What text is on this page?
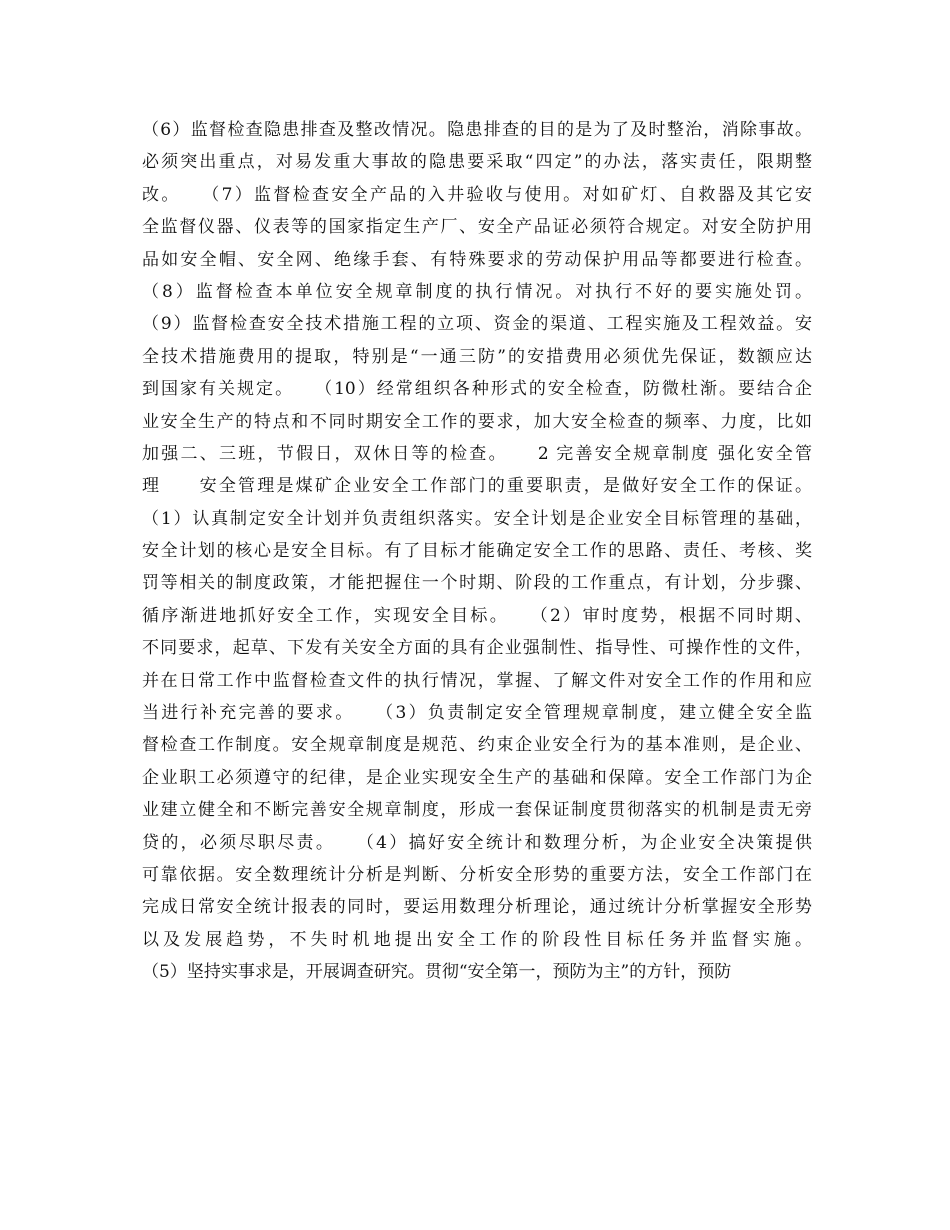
（6）监督检查隐患排查及整改情况。隐患排查的目的是为了及时整治，消除事故。
必须突出重点，对易发重大事故的隐患要采取“四定”的办法，落实责任，限期整
改。　　（7）监督检查安全产品的入井验收与使用。对如矿灯、自救器及其它安
全监督仪器、仪表等的国家指定生产厂、安全产品证必须符合规定。对安全防护用
品如安全帽、安全网、绝缘手套、有特殊要求的劳动保护用品等都要进行检查。
（8）监督检查本单位安全规章制度的执行情况。对执行不好的要实施处罚。
（9）监督检查安全技术措施工程的立项、资金的渠道、工程实施及工程效益。安
全技术措施费用的提取，特别是“一通三防”的安措费用必须优先保证，数额应达
到国家有关规定。　　（10）经常组织各种形式的安全检查，防微杜渐。要结合企
业安全生产的特点和不同时期安全工作的要求，加大安全检查的频率、力度，比如
加强二、三班，节假日，双休日等的检查。　　2 完善安全规章制度 强化安全管
理　　安全管理是煤矿企业安全工作部门的重要职责，是做好安全工作的保证。
（1）认真制定安全计划并负责组织落实。安全计划是企业安全目标管理的基础，
安全计划的核心是安全目标。有了目标才能确定安全工作的思路、责任、考核、奖
罚等相关的制度政策，才能把握住一个时期、阶段的工作重点，有计划，分步骤、
循序渐进地抓好安全工作，实现安全目标。　　（2）审时度势，根据不同时期、
不同要求，起草、下发有关安全方面的具有企业强制性、指导性、可操作性的文件，
并在日常工作中监督检查文件的执行情况，掌握、了解文件对安全工作的作用和应
当进行补充完善的要求。　　（3）负责制定安全管理规章制度，建立健全安全监
督检查工作制度。安全规章制度是规范、约束企业安全行为的基本准则，是企业、
企业职工必须遵守的纪律，是企业实现安全生产的基础和保障。安全工作部门为企
业建立健全和不断完善安全规章制度，形成一套保证制度贯彻落实的机制是责无旁
贷的，必须尽职尽责。　　（4）搞好安全统计和数理分析，为企业安全决策提供
可靠依据。安全数理统计分析是判断、分析安全形势的重要方法，安全工作部门在
完成日常安全统计报表的同时，要运用数理分析理论，通过统计分析掌握安全形势
以及发展趋势，不失时机地提出安全工作的阶段性目标任务并监督实施。
（5）坚持实事求是，开展调查研究。贯彻“安全第一，预防为主”的方针，预防
